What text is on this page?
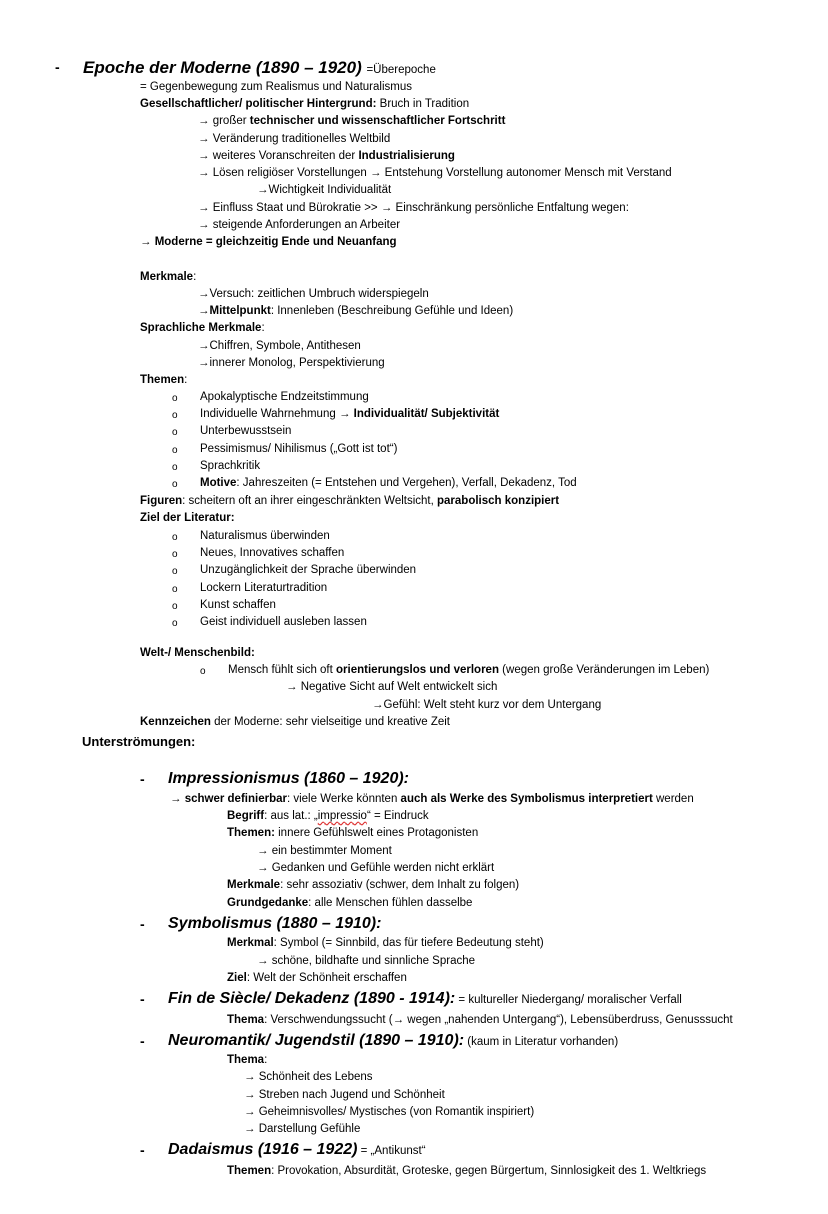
- Epoche der Moderne (1890 – 1920) =Überepoche
= Gegenbewegung zum Realismus und Naturalismus
Gesellschaftlicher/ politischer Hintergrund: Bruch in Tradition
→ großer technischer und wissenschaftlicher Fortschritt
→ Veränderung traditionelles Weltbild
→ weiteres Voranschreiten der Industrialisierung
→ Lösen religiöser Vorstellungen → Entstehung Vorstellung autonomer Mensch mit Verstand
→Wichtigkeit Individualität
→ Einfluss Staat und Bürokratie >> → Einschränkung persönliche Entfaltung wegen:
→ steigende Anforderungen an Arbeiter
→ Moderne = gleichzeitig Ende und Neuanfang
Merkmale:
→Versuch: zeitlichen Umbruch widerspiegeln
→Mittelpunkt: Innenleben (Beschreibung Gefühle und Ideen)
Sprachliche Merkmale:
→Chiffren, Symbole, Antithesen
→innerer Monolog, Perspektivierung
Themen:
o Apokalyptische Endzeitstimmung
o Individuelle Wahrnehmung → Individualität/ Subjektivität
o Unterbewusstsein
o Pessimismus/ Nihilismus („Gott ist tot“)
o Sprachkritik
o Motive: Jahreszeiten (= Entstehen und Vergehen), Verfall, Dekadenz, Tod
Figuren: scheitern oft an ihrer eingeschränkten Weltsicht, parabolisch konzipiert
Ziel der Literatur:
o Naturalismus überwinden
o Neues, Innovatives schaffen
o Unzugänglichkeit der Sprache überwinden
o Lockern Literaturtradition
o Kunst schaffen
o Geist individuell ausleben lassen
Welt-/ Menschenbild:
o Mensch fühlt sich oft orientierungslos und verloren (wegen große Veränderungen im Leben)
→ Negative Sicht auf Welt entwickelt sich
→Gefühl: Welt steht kurz vor dem Untergang
Kennzeichen der Moderne: sehr vielseitige und kreative Zeit
Unterströmungen:
- Impressionismus (1860 – 1920):
→ schwer definierbar: viele Werke könnten auch als Werke des Symbolismus interpretiert werden
Begriff: aus lat.: „impressio“ = Eindruck
Themen: innere Gefühlswelt eines Protagonisten
→ ein bestimmter Moment
→ Gedanken und Gefühle werden nicht erklärt
Merkmale: sehr assoziativ (schwer, dem Inhalt zu folgen)
Grundgedanke: alle Menschen fühlen dasselbe
- Symbolismus (1880 – 1910):
Merkmal: Symbol (= Sinnbild, das für tiefere Bedeutung steht)
→ schöne, bildhafte und sinnliche Sprache
Ziel: Welt der Schönheit erschaffen
- Fin de Siècle/ Dekadenz (1890 - 1914): = kultureller Niedergang/ moralischer Verfall
Thema: Verschwendungssucht (→ wegen „nahenden Untergang“), Lebensüberdruss, Genusssucht
- Neuromantik/ Jugendstil (1890 – 1910): (kaum in Literatur vorhanden)
Thema:
→ Schönheit des Lebens
→ Streben nach Jugend und Schönheit
→ Geheimnisvolles/ Mystisches (von Romantik inspiriert)
→ Darstellung Gefühle
- Dadaismus (1916 – 1922) = „Antikunst“
Themen: Provokation, Absurdität, Groteske, gegen Bürgertum, Sinnlosigkeit des 1. Weltkriegs
